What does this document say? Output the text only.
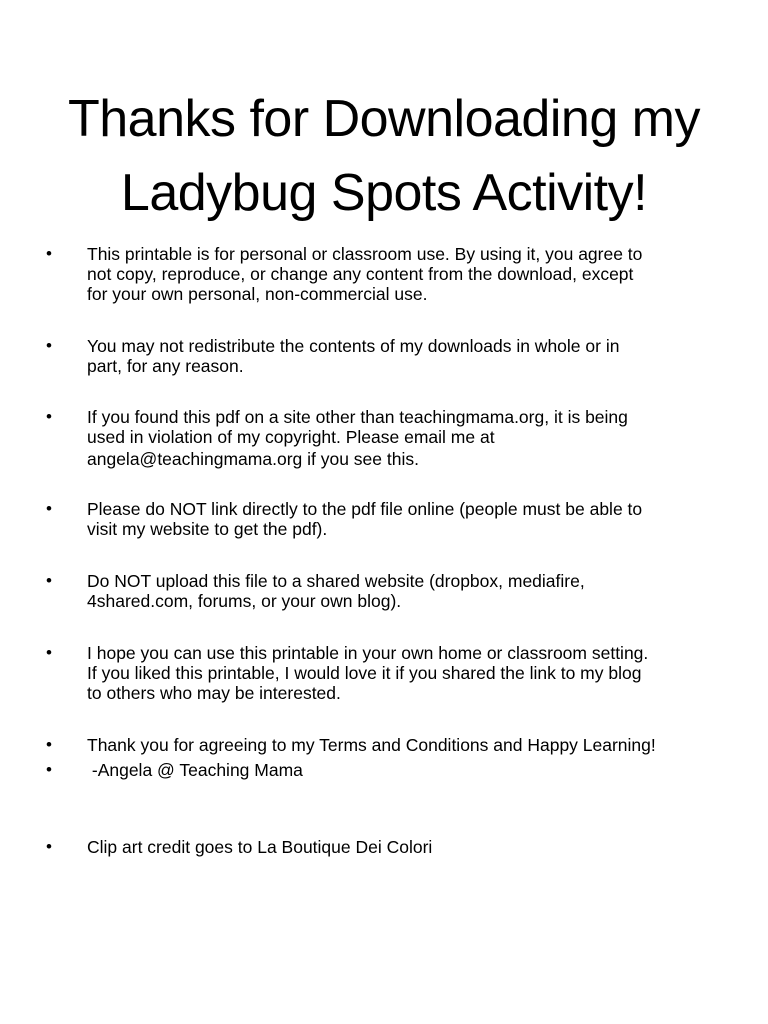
Thanks for Downloading my
Ladybug Spots Activity!
•	This printable is for personal or classroom use. By using it, you agree to
not copy, reproduce, or change any content from the download, except
for your own personal, non-commercial use.
•	You may not redistribute the contents of my downloads in whole or in
part, for any reason.
•	If you found this pdf on a site other than teachingmama.org, it is being
used in violation of my copyright. Please email me at
angela@teachingmama.org if you see this.
•	Please do NOT link directly to the pdf file online (people must be able to
visit my website to get the pdf).
•	Do NOT upload this file to a shared website (dropbox, mediafire,
4shared.com, forums, or your own blog).
•	I hope you can use this printable in your own home or classroom setting.
If you liked this printable, I would love it if you shared the link to my blog
to others who may be interested.
•	Thank you for agreeing to my Terms and Conditions and Happy Learning!
•	-Angela @ Teaching Mama
•	Clip art credit goes to La Boutique Dei Colori
